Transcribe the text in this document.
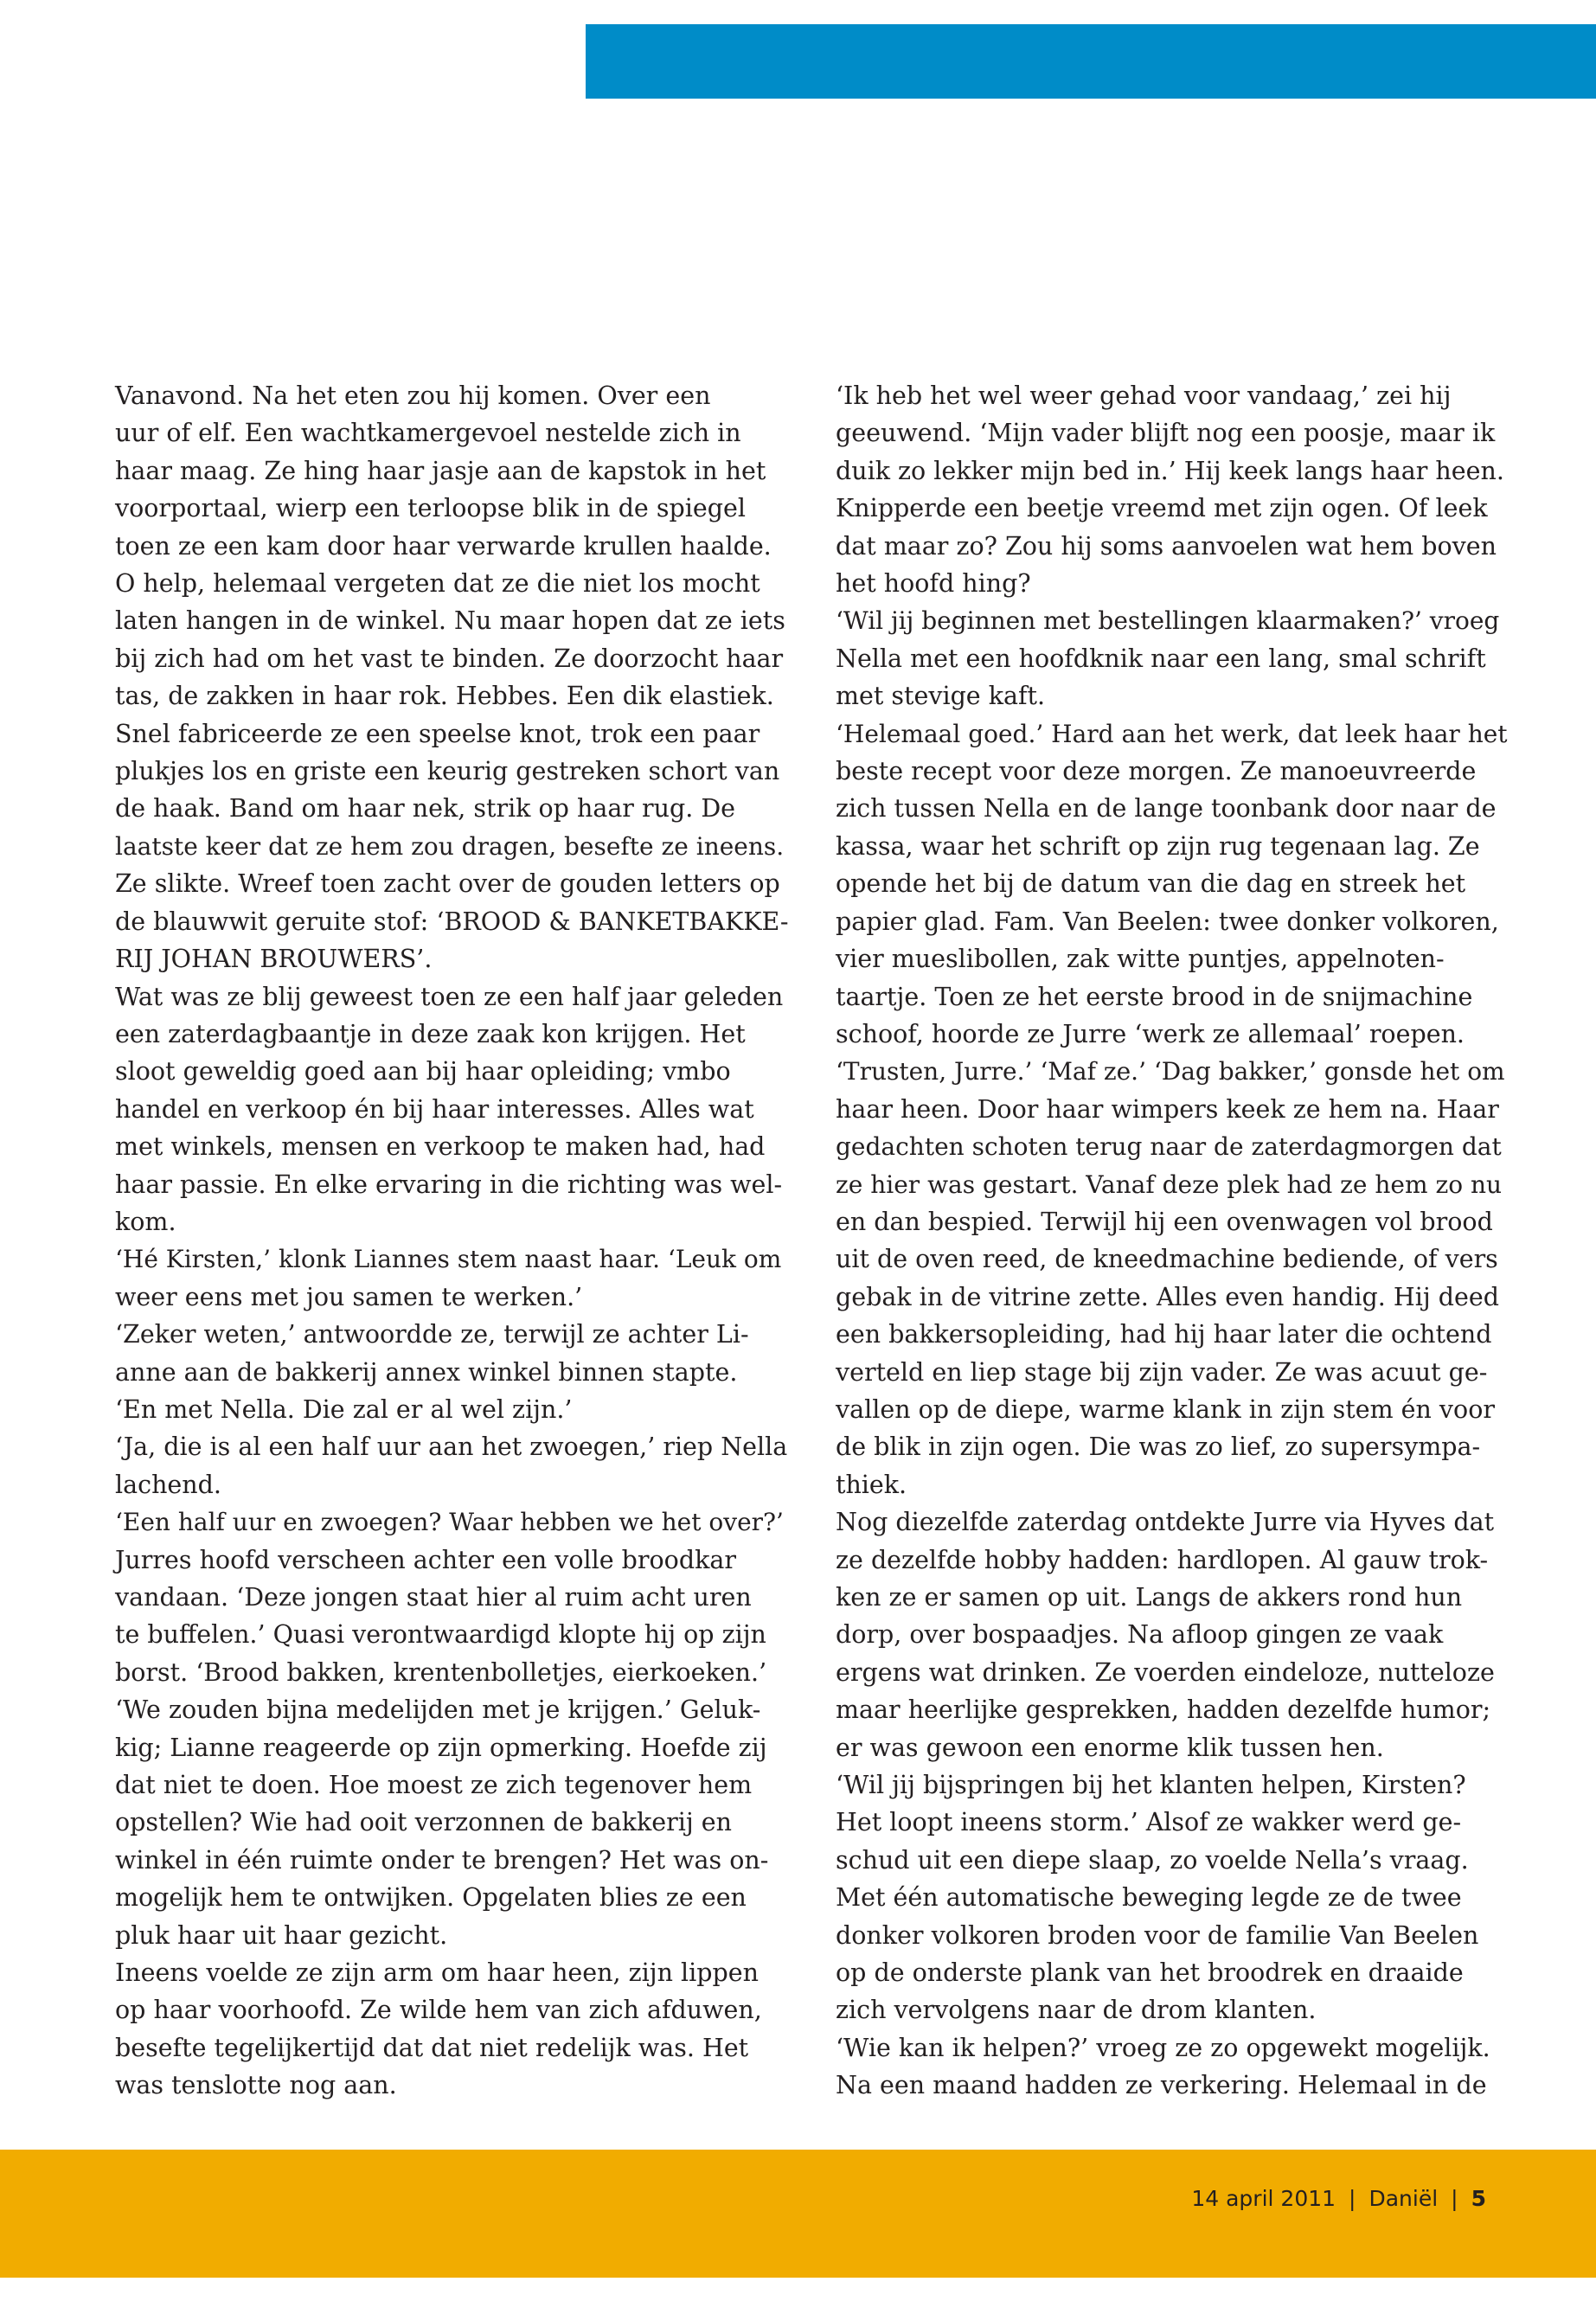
Vanavond. Na het eten zou hij komen. Over een
uur of elf. Een wachtkamergevoel nestelde zich in
haar maag. Ze hing haar jasje aan de kapstok in het
voorportaal, wierp een terloopse blik in de spiegel
toen ze een kam door haar verwarde krullen haalde.
O help, helemaal vergeten dat ze die niet los mocht
laten hangen in de winkel. Nu maar hopen dat ze iets
bij zich had om het vast te binden. Ze doorzocht haar
tas, de zakken in haar rok. Hebbes. Een dik elastiek.
Snel fabriceerde ze een speelse knot, trok een paar
plukjes los en griste een keurig gestreken schort van
de haak. Band om haar nek, strik op haar rug. De
laatste keer dat ze hem zou dragen, besefte ze ineens.
Ze slikte. Wreef toen zacht over de gouden letters op
de blauwwit geruite stof: ‘BROOD & BANKETBAKKE-
RIJ JOHAN BROUWERS’.
Wat was ze blij geweest toen ze een half jaar geleden
een zaterdagbaantje in deze zaak kon krijgen. Het
sloot geweldig goed aan bij haar opleiding; vmbo
handel en verkoop én bij haar interesses. Alles wat
met winkels, mensen en verkoop te maken had, had
haar passie. En elke ervaring in die richting was wel-
kom.
‘Hé Kirsten,’ klonk Liannes stem naast haar. ‘Leuk om
weer eens met jou samen te werken.’
‘Zeker weten,’ antwoordde ze, terwijl ze achter Li-
anne aan de bakkerij annex winkel binnen stapte.
‘En met Nella. Die zal er al wel zijn.’
‘Ja, die is al een half uur aan het zwoegen,’ riep Nella
lachend.
‘Een half uur en zwoegen? Waar hebben we het over?’
Jurres hoofd verscheen achter een volle broodkar
vandaan. ‘Deze jongen staat hier al ruim acht uren
te buffelen.’ Quasi verontwaardigd klopte hij op zijn
borst. ‘Brood bakken, krentenbolletjes, eierkoeken.’
‘We zouden bijna medelijden met je krijgen.’ Geluk-
kig; Lianne reageerde op zijn opmerking. Hoefde zij
dat niet te doen. Hoe moest ze zich tegenover hem
opstellen? Wie had ooit verzonnen de bakkerij en
winkel in één ruimte onder te brengen? Het was on-
mogelijk hem te ontwijken. Opgelaten blies ze een
pluk haar uit haar gezicht.
Ineens voelde ze zijn arm om haar heen, zijn lippen
op haar voorhoofd. Ze wilde hem van zich afduwen,
besefte tegelijkertijd dat dat niet redelijk was. Het
was tenslotte nog aan.
‘Ik heb het wel weer gehad voor vandaag,’ zei hij
geeuwend. ‘Mijn vader blijft nog een poosje, maar ik
duik zo lekker mijn bed in.’ Hij keek langs haar heen.
Knipperde een beetje vreemd met zijn ogen. Of leek
dat maar zo? Zou hij soms aanvoelen wat hem boven
het hoofd hing?
‘Wil jij beginnen met bestellingen klaarmaken?’ vroeg
Nella met een hoofdknik naar een lang, smal schrift
met stevige kaft.
‘Helemaal goed.’ Hard aan het werk, dat leek haar het
beste recept voor deze morgen. Ze manoeuvreerde
zich tussen Nella en de lange toonbank door naar de
kassa, waar het schrift op zijn rug tegenaan lag. Ze
opende het bij de datum van die dag en streek het
papier glad. Fam. Van Beelen: twee donker volkoren,
vier mueslibollen, zak witte puntjes, appelnoten-
taartje. Toen ze het eerste brood in de snijmachine
schoof, hoorde ze Jurre ‘werk ze allemaal’ roepen.
‘Trusten, Jurre.’ ‘Maf ze.’ ‘Dag bakker,’ gonsde het om
haar heen. Door haar wimpers keek ze hem na. Haar
gedachten schoten terug naar de zaterdagmorgen dat
ze hier was gestart. Vanaf deze plek had ze hem zo nu
en dan bespied. Terwijl hij een ovenwagen vol brood
uit de oven reed, de kneedmachine bediende, of vers
gebak in de vitrine zette. Alles even handig. Hij deed
een bakkersopleiding, had hij haar later die ochtend
verteld en liep stage bij zijn vader. Ze was acuut ge-
vallen op de diepe, warme klank in zijn stem én voor
de blik in zijn ogen. Die was zo lief, zo supersympa-
thiek.
Nog diezelfde zaterdag ontdekte Jurre via Hyves dat
ze dezelfde hobby hadden: hardlopen. Al gauw trok-
ken ze er samen op uit. Langs de akkers rond hun
dorp, over bospaadjes. Na afloop gingen ze vaak
ergens wat drinken. Ze voerden eindeloze, nutteloze
maar heerlijke gesprekken, hadden dezelfde humor;
er was gewoon een enorme klik tussen hen.
‘Wil jij bijspringen bij het klanten helpen, Kirsten?
Het loopt ineens storm.’ Alsof ze wakker werd ge-
schud uit een diepe slaap, zo voelde Nella’s vraag.
Met één automatische beweging legde ze de twee
donker volkoren broden voor de familie Van Beelen
op de onderste plank van het broodrek en draaide
zich vervolgens naar de drom klanten.
‘Wie kan ik helpen?’ vroeg ze zo opgewekt mogelijk.
Na een maand hadden ze verkering. Helemaal in de
14 april 2011 | Daniël | 5
